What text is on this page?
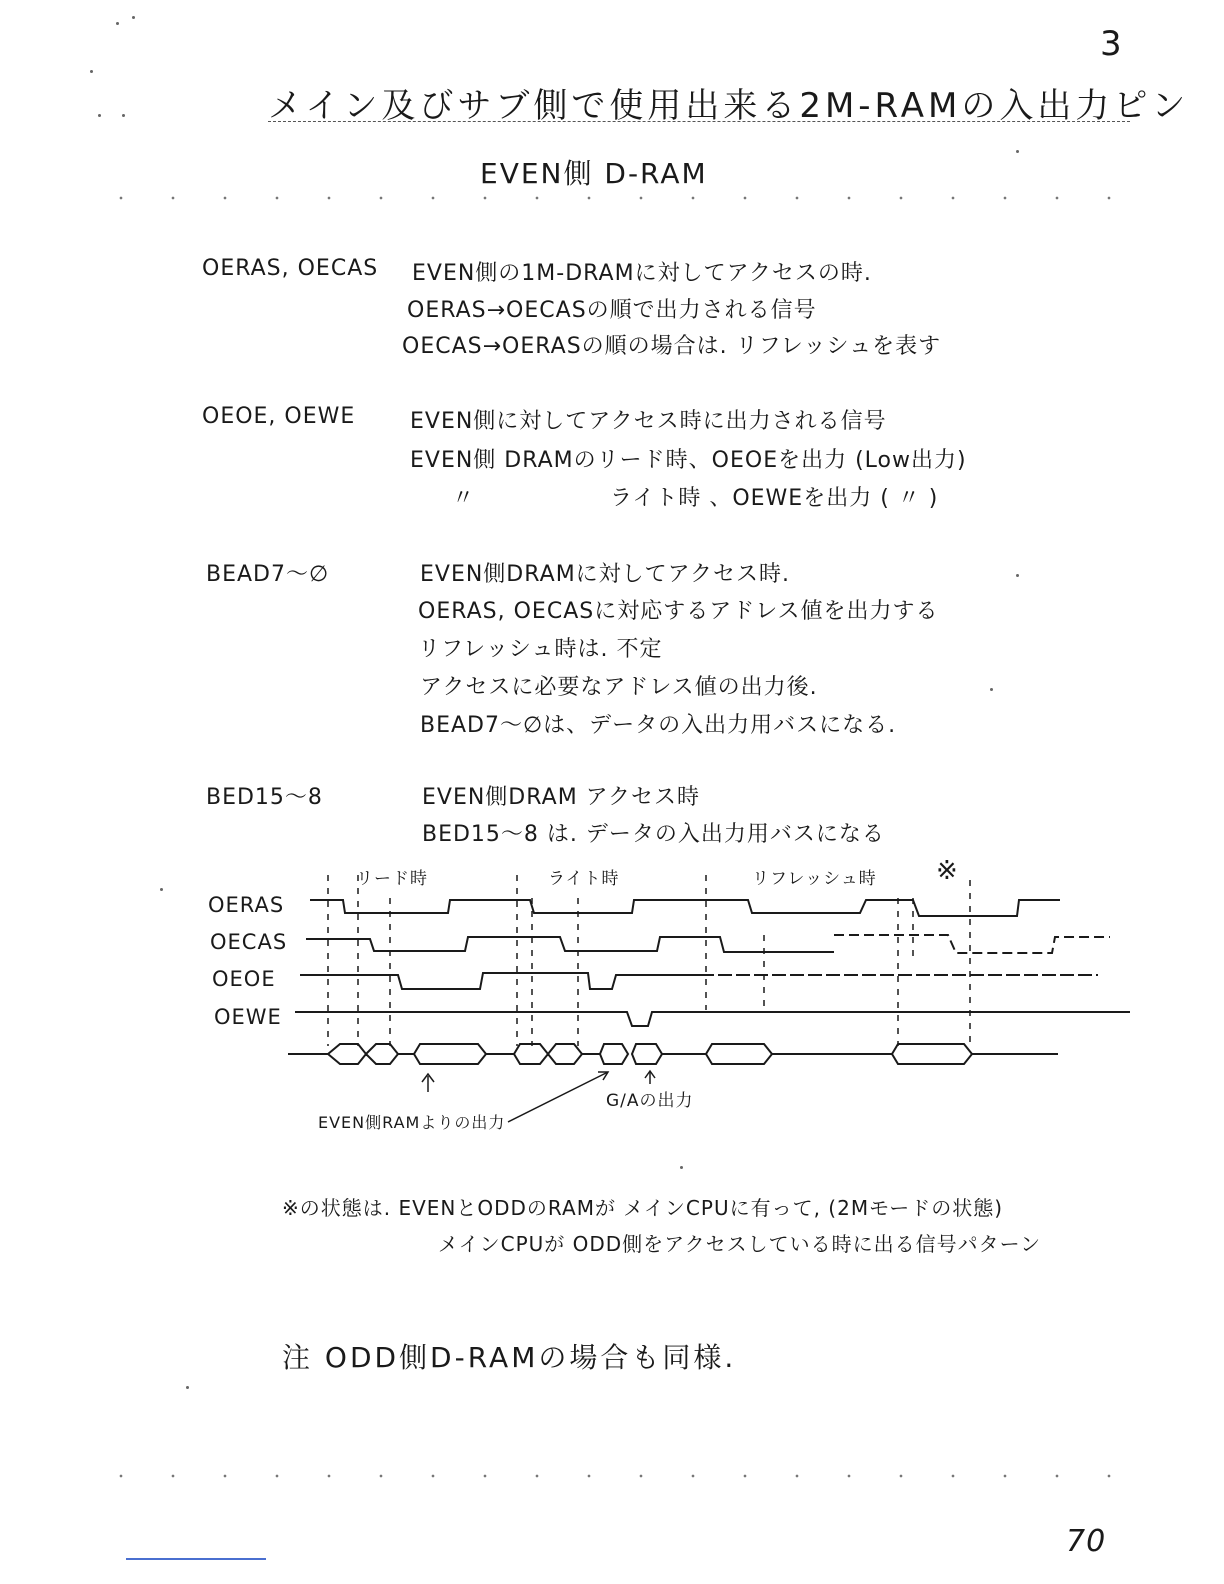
3
メイン及びサブ側で使用出来る2M-RAMの入出力ピン
EVEN側 D-RAM
OERAS, OECAS EVEN側の1M-DRAMに対してアクセスの時.
OERAS→OECASの順で出力される信号
OECAS→OERASの順の場合は. リフレッシュを表す
OEOE, OEWE EVEN側に対してアクセス時に出力される信号
EVEN側 DRAMのリード時、OEOEを出力 (Low出力)
〃	ライト時 、OEWEを出力 ( 〃 )
BEAD7〜∅	EVEN側DRAMに対してアクセス時.
OERAS, OECASに対応するアドレス値を出力する
リフレッシュ時は. 不定
アクセスに必要なアドレス値の出力後.
BEAD7〜∅は、データの入出力用バスになる.
BED15〜8	EVEN側DRAM アクセス時
BED15〜8 は. データの入出力用バスになる
リード時	ライト時	リフレッシュ時 ※
OERAS
OECAS
OEOE
OEWE
EVEN側RAMよりの出力
G/Aの出力
※の状態は. EVENとODDのRAMが メインCPUに有って, (2Mモードの状態)
メインCPUが ODD側をアクセスしている時に出る信号パターン
注 ODD側D-RAMの場合も同様.
70
